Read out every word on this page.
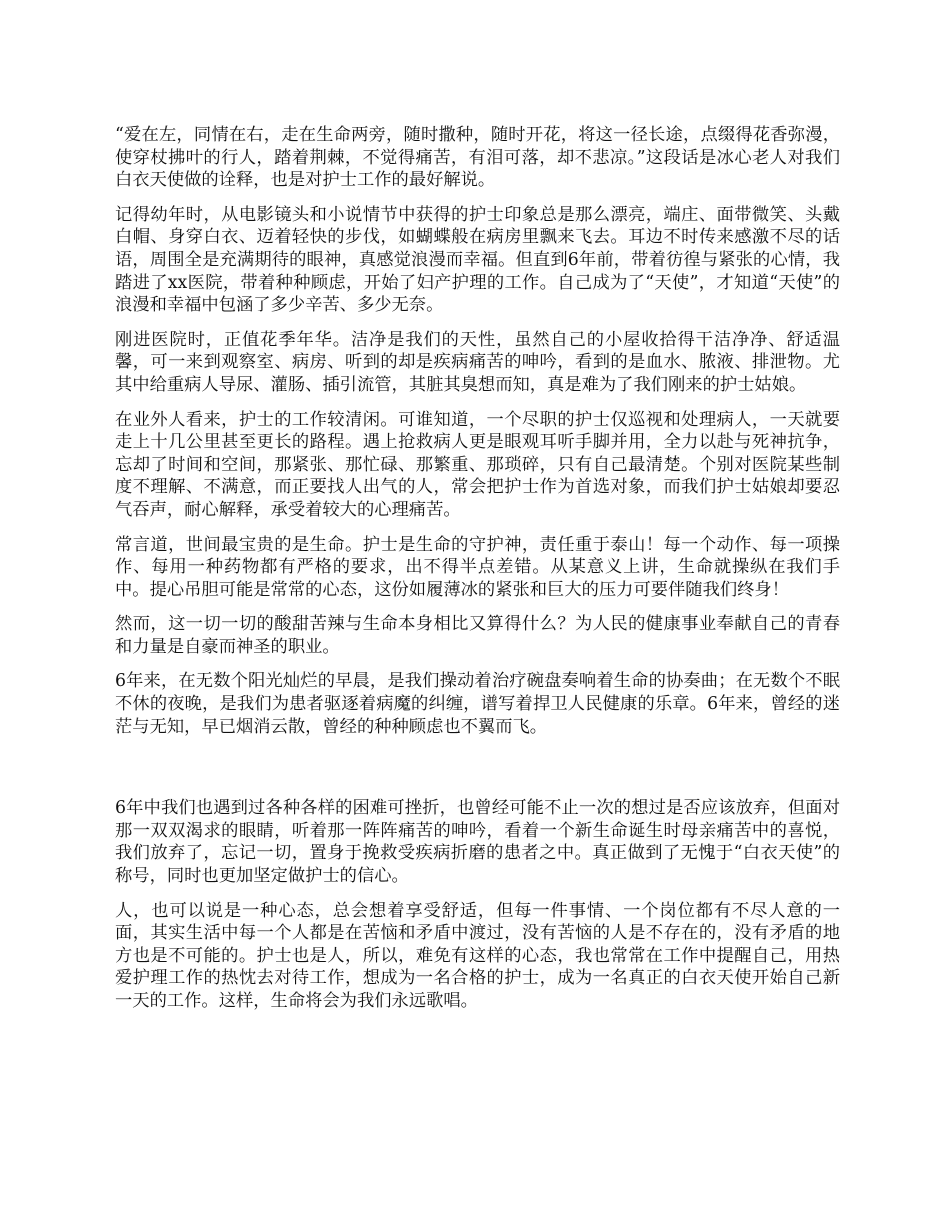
“爱在左，同情在右，走在生命两旁，随时撒种，随时开花，将这一径长途，点缀得花香弥漫，使穿杖拂叶的行人，踏着荆棘，不觉得痛苦，有泪可落，却不悲凉。”这段话是冰心老人对我们白衣天使做的诠释，也是对护士工作的最好解说。

记得幼年时，从电影镜头和小说情节中获得的护士印象总是那么漂亮，端庄、面带微笑、头戴白帽、身穿白衣、迈着轻快的步伐，如蝴蝶般在病房里飘来飞去。耳边不时传来感激不尽的话语，周围全是充满期待的眼神，真感觉浪漫而幸福。但直到6年前，带着彷徨与紧张的心情，我踏进了xx医院，带着种种顾虑，开始了妇产护理的工作。自己成为了“天使”，才知道“天使”的浪漫和幸福中包涵了多少辛苦、多少无奈。

刚进医院时，正值花季年华。洁净是我们的天性，虽然自己的小屋收拾得干洁净净、舒适温馨，可一来到观察室、病房、听到的却是疾病痛苦的呻吟，看到的是血水、脓液、排泄物。尤其中给重病人导尿、灌肠、插引流管，其脏其臭想而知，真是难为了我们刚来的护士姑娘。

在业外人看来，护士的工作较清闲。可谁知道，一个尽职的护士仅巡视和处理病人，一天就要走上十几公里甚至更长的路程。遇上抢救病人更是眼观耳听手脚并用，全力以赴与死神抗争，忘却了时间和空间，那紧张、那忙碌、那繁重、那琐碎，只有自己最清楚。个别对医院某些制度不理解、不满意，而正要找人出气的人，常会把护士作为首选对象，而我们护士姑娘却要忍气吞声，耐心解释，承受着较大的心理痛苦。

常言道，世间最宝贵的是生命。护士是生命的守护神，责任重于泰山！每一个动作、每一项操作、每用一种药物都有严格的要求，出不得半点差错。从某意义上讲，生命就操纵在我们手中。提心吊胆可能是常常的心态，这份如履薄冰的紧张和巨大的压力可要伴随我们终身！

然而，这一切一切的酸甜苦辣与生命本身相比又算得什么？为人民的健康事业奉献自己的青春和力量是自豪而神圣的职业。

6年来，在无数个阳光灿烂的早晨，是我们操动着治疗碗盘奏响着生命的协奏曲；在无数个不眠不休的夜晚，是我们为患者驱逐着病魔的纠缠，谱写着捍卫人民健康的乐章。6年来，曾经的迷茫与无知，早已烟消云散，曾经的种种顾虑也不翼而飞。

6年中我们也遇到过各种各样的困难可挫折，也曾经可能不止一次的想过是否应该放弃，但面对那一双双渴求的眼睛，听着那一阵阵痛苦的呻吟，看着一个新生命诞生时母亲痛苦中的喜悦，我们放弃了，忘记一切，置身于挽救受疾病折磨的患者之中。真正做到了无愧于“白衣天使”的称号，同时也更加坚定做护士的信心。

人，也可以说是一种心态，总会想着享受舒适，但每一件事情、一个岗位都有不尽人意的一面，其实生活中每一个人都是在苦恼和矛盾中渡过，没有苦恼的人是不存在的，没有矛盾的地方也是不可能的。护士也是人，所以，难免有这样的心态，我也常常在工作中提醒自己，用热爱护理工作的热忱去对待工作，想成为一名合格的护士，成为一名真正的白衣天使开始自己新一天的工作。这样，生命将会为我们永远歌唱。
